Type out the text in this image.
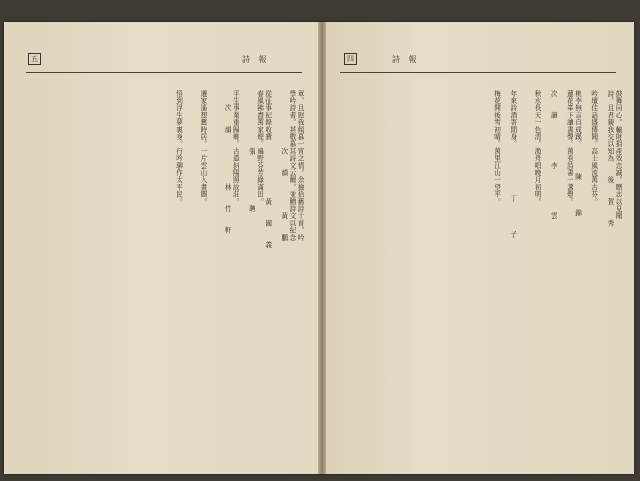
五	詩 報	詩 報
四
章。且慰我傾慕一宵之情。余撿拾舊詩十首。吟
學吟詩者。甚敬慕其詩文云爾。並贈詩文以紀念
　　　　　　　　次　　韻　　　　　黃　　鵬

從征事紀錄收費　　　　　　　　黃　　國　　義
春風拂盡萬家煙。遍野芬芳綠滿田。
　　　　　　　　張　　　　　　　聘

平生事業重歸鄉。古道斜陽照故莊。
　　次　　韻　　　　　　　林　　竹　　軒

遷家遙想舊時居。一片雲山入畫圖。

悟到浮生夢裏身。行吟聊作太平民。	鼓舞同心。輸財捐產效忠誠。贈志以見聞
詩。且君親我交以知為　　後　　賀　　秀

吟壇佳話盛傳聞。高士風流萬古芬。

桃李無言自成蹊。　　　　陳　　　　錦
蓮花峯下讀書聲。萬卷詩書一盞燈。

次　　韻　　　　　　李　　　　　　雲

秋水長天一色清。漁舟唱晚月初明。

年來詩酒寄閒身。　　　　　　　丁　　　　子

梅花開後雪初晴。萬里江山一望平。
